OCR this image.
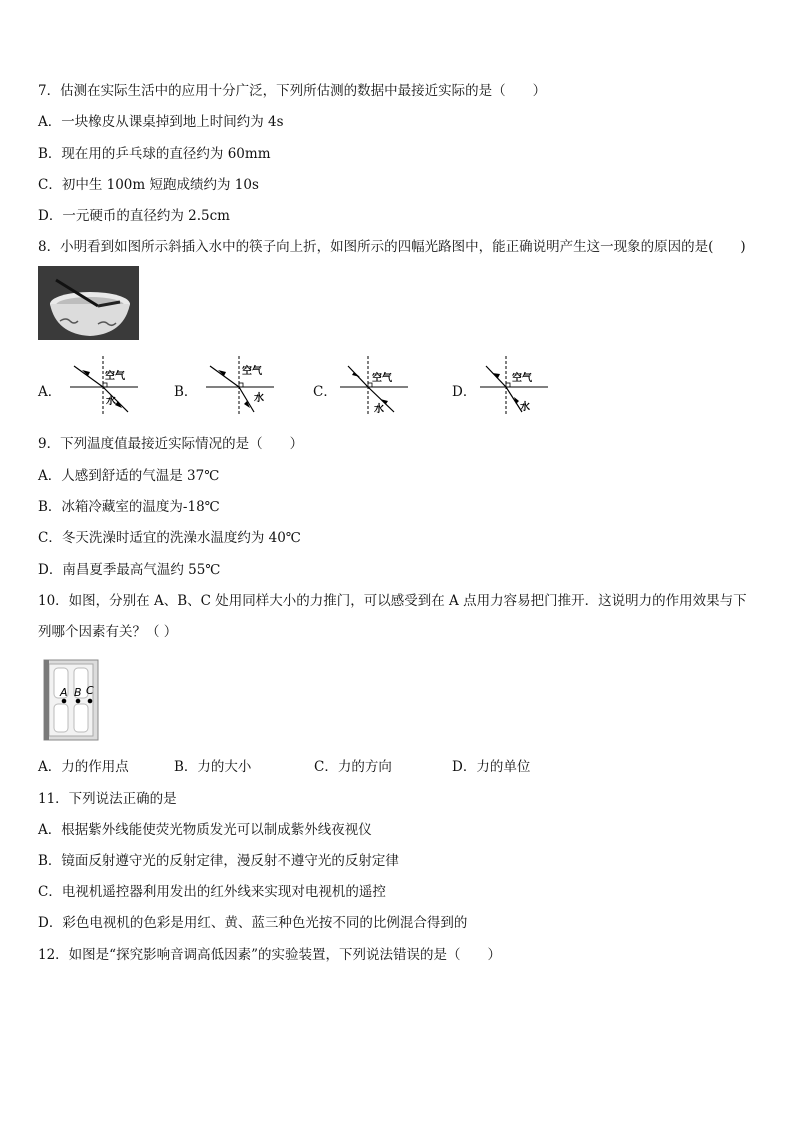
7．估测在实际生活中的应用十分广泛，下列所估测的数据中最接近实际的是（　　）
A．一块橡皮从课桌掉到地上时间约为 4s
B．现在用的乒乓球的直径约为 60mm
C．初中生 100m 短跑成绩约为 10s
D．一元硬币的直径约为 2.5cm
8．小明看到如图所示斜插入水中的筷子向上折，如图所示的四幅光路图中，能正确说明产生这一现象的原因的是(　　)
A．
空气
水
B．
空气
水	C．
空气
水
D．
空气
水
9．下列温度值最接近实际情况的是（　　）
A．人感到舒适的气温是 37℃
B．冰箱冷藏室的温度为-18℃
C．冬天洗澡时适宜的洗澡水温度约为 40℃
D．南昌夏季最高气温约 55℃
10．如图，分别在 A、B、C 处用同样大小的力推门，可以感受到在 A 点用力容易把门推开．这说明力的作用效果与下
列哪个因素有关？（ ）
A B C
A．力的作用点	B．力的大小	C．力的方向	D．力的单位
11．下列说法正确的是
A．根据紫外线能使荧光物质发光可以制成紫外线夜视仪
B．镜面反射遵守光的反射定律，漫反射不遵守光的反射定律
C．电视机遥控器利用发出的红外线来实现对电视机的遥控
D．彩色电视机的色彩是用红、黄、蓝三种色光按不同的比例混合得到的
12．如图是“探究影响音调高低因素”的实验装置，下列说法错误的是（　　）
